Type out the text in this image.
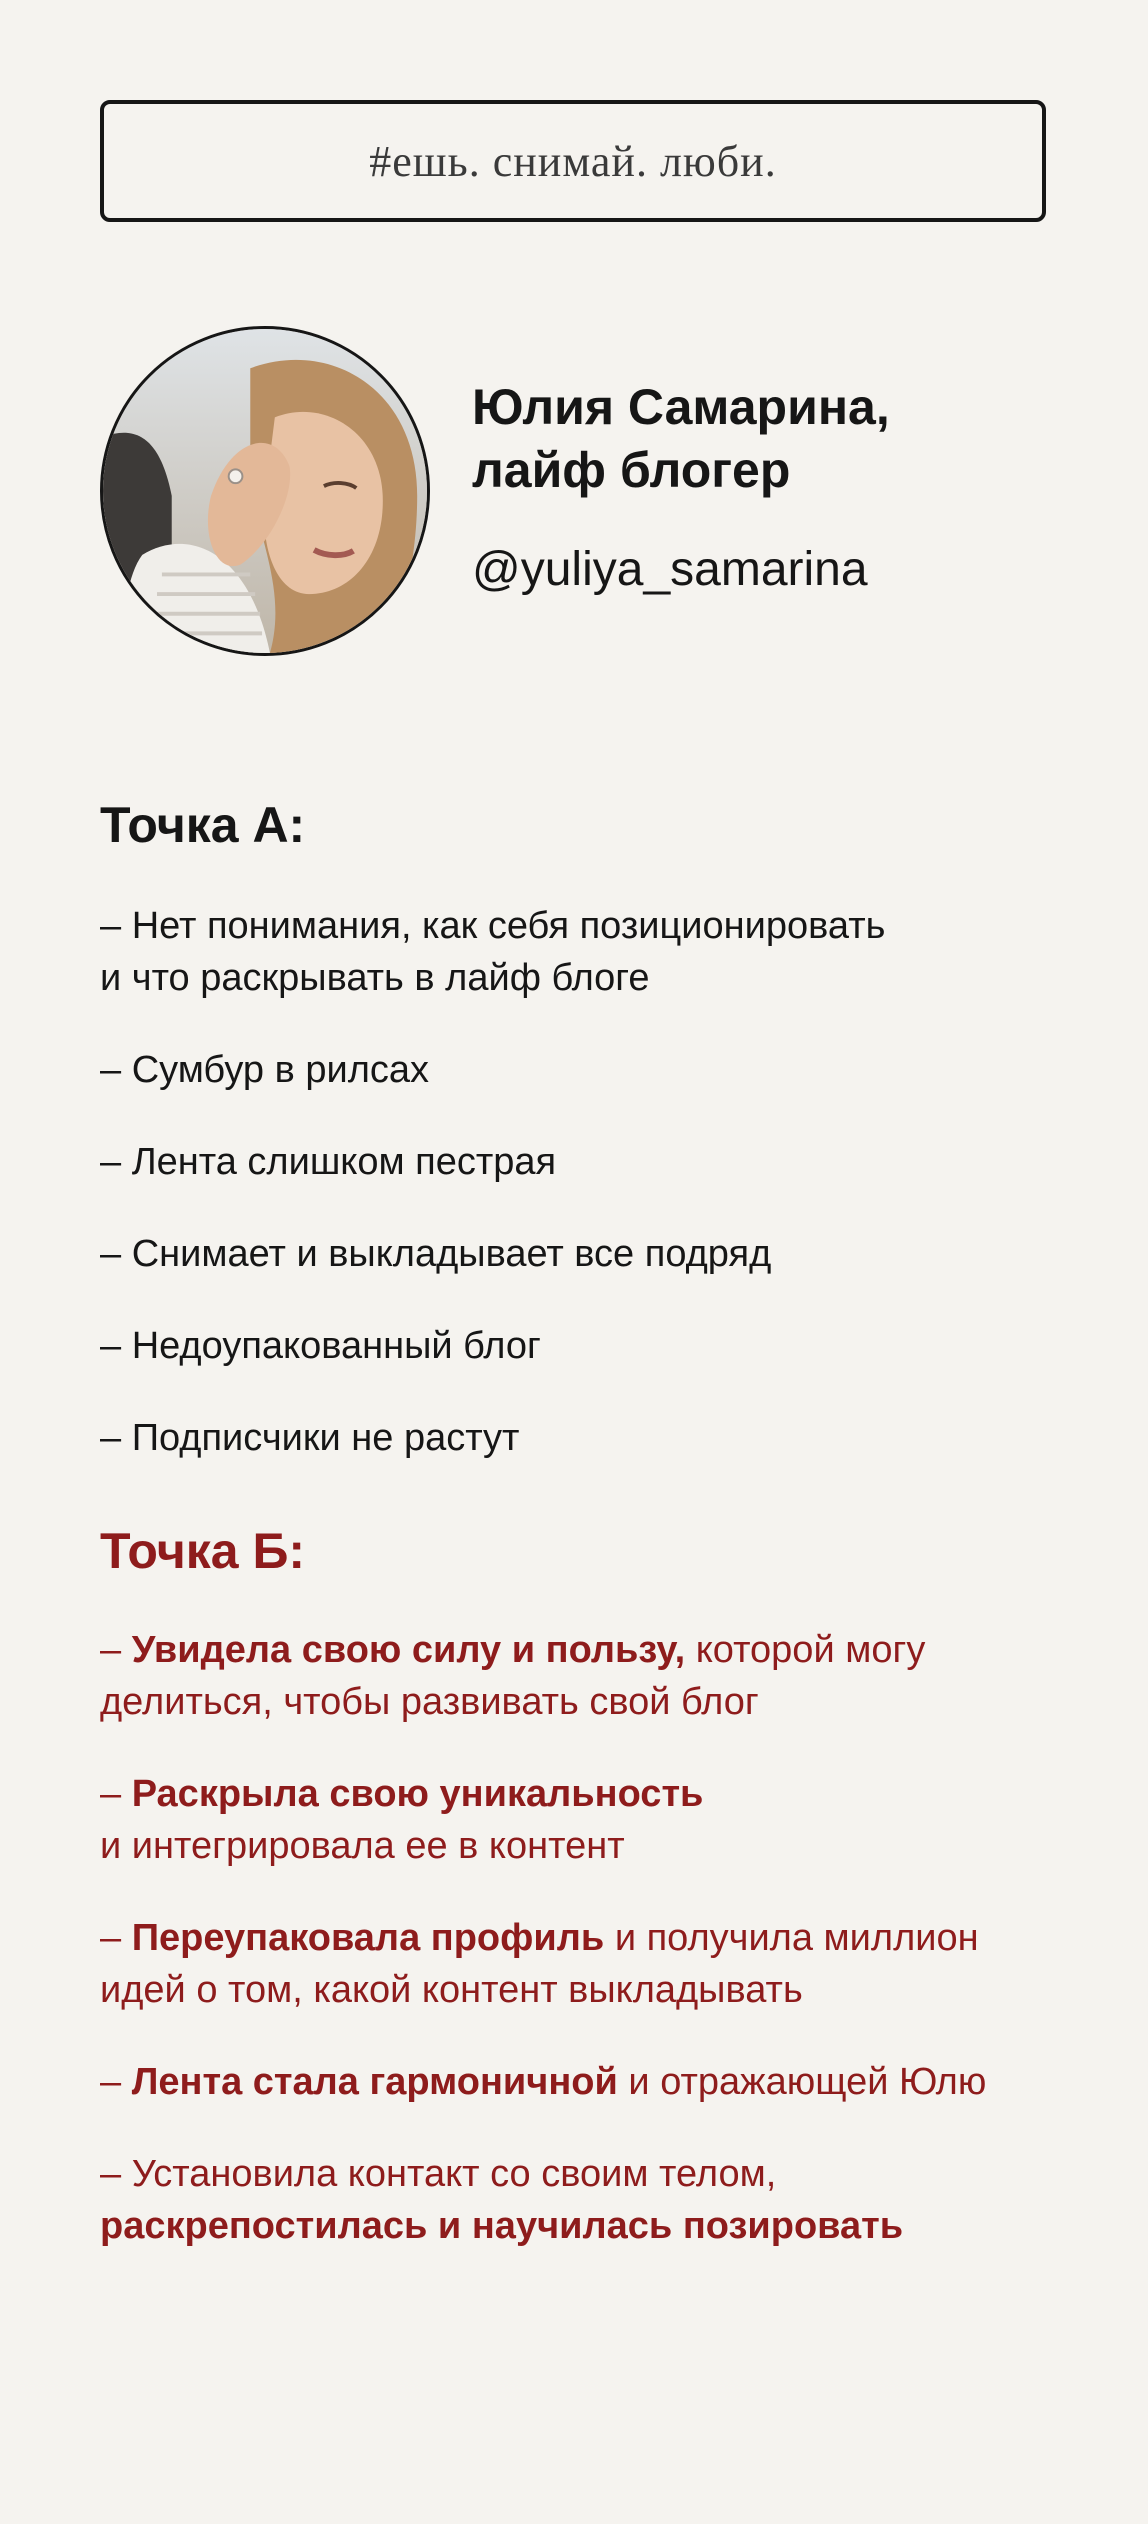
#ешь. снимай. люби.
Юлия Самарина,
лайф блогер
@yuliya_samarina
Точка А:
– Нет понимания, как себя позиционировать
и что раскрывать в лайф блоге
– Сумбур в рилсах
– Лента слишком пестрая
– Снимает и выкладывает все подряд
– Недоупакованный блог
– Подписчики не растут
Точка Б:
– Увидела свою силу и пользу, которой могу
делиться, чтобы развивать свой блог
– Раскрыла свою уникальность
и интегрировала ее в контент
– Переупаковала профиль и получила миллион
идей о том, какой контент выкладывать
– Лента стала гармоничной и отражающей Юлю
– Установила контакт со своим телом,
раскрепостилась и научилась позировать
